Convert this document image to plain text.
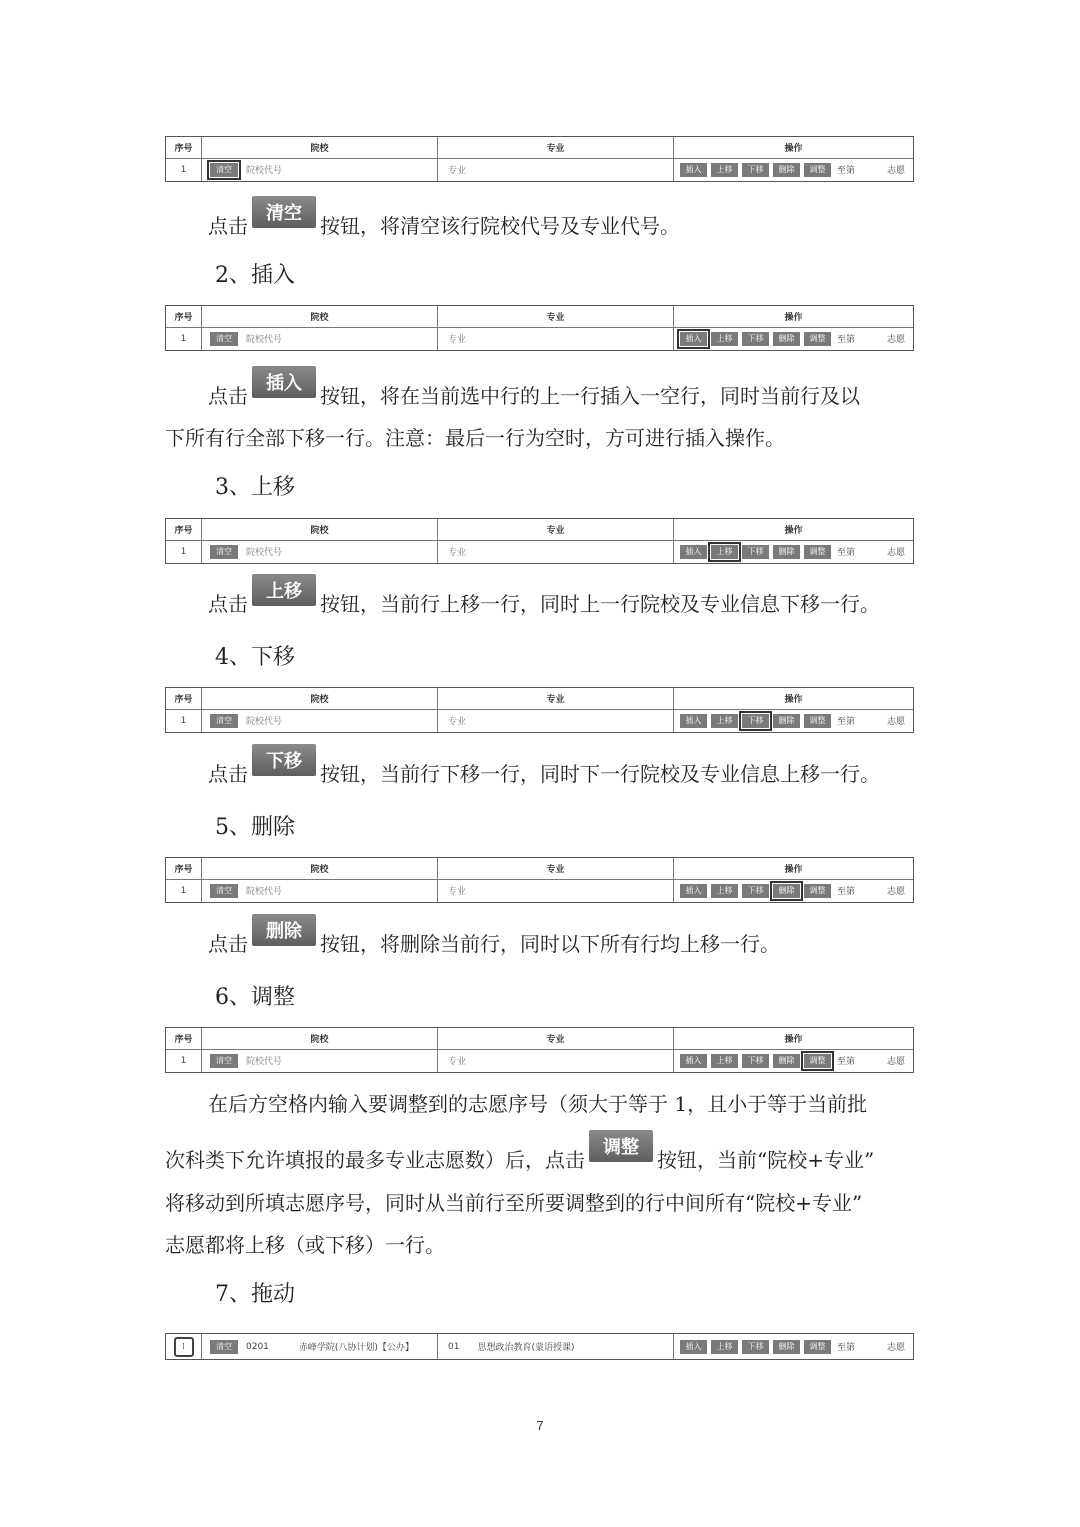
序号	院校	专业	操作
1	清空	院校代号	专业	插入	上移	下移	删除	调整	至第	志愿
点击清空按钮，将清空该行院校代号及专业代号。
2、插入
序号	院校	专业	操作
1	清空	院校代号	专业	插入	上移	下移	删除	调整	至第	志愿
点击插入按钮，将在当前选中行的上一行插入一空行，同时当前行及以
下所有行全部下移一行。注意：最后一行为空时，方可进行插入操作。
3、上移
序号	院校	专业	操作
1	清空	院校代号	专业	插入	上移	下移	删除	调整	至第	志愿
点击上移按钮，当前行上移一行，同时上一行院校及专业信息下移一行。
4、下移
序号	院校	专业	操作
1	清空	院校代号	专业	插入	上移	下移	删除	调整	至第	志愿
点击下移按钮，当前行下移一行，同时下一行院校及专业信息上移一行。
5、删除
序号	院校	专业	操作
1	清空	院校代号	专业	插入	上移	下移	删除	调整	至第	志愿
点击删除按钮，将删除当前行，同时以下所有行均上移一行。
6、调整
序号	院校	专业	操作
1	清空	院校代号	专业	插入	上移	下移	删除	调整	至第	志愿
在后方空格内输入要调整到的志愿序号（须大于等于 1，且小于等于当前批
次科类下允许填报的最多专业志愿数）后，点击调整按钮，当前“院校+专业”
将移动到所填志愿序号，同时从当前行至所要调整到的行中间所有“院校+专业”
志愿都将上移（或下移）一行。
7、拖动
⁞	清空	0201	赤峰学院(八协计划)【公办】	01 思想政治教育(蒙语授课)	插入	上移	下移	删除	调整	至第	志愿
7
